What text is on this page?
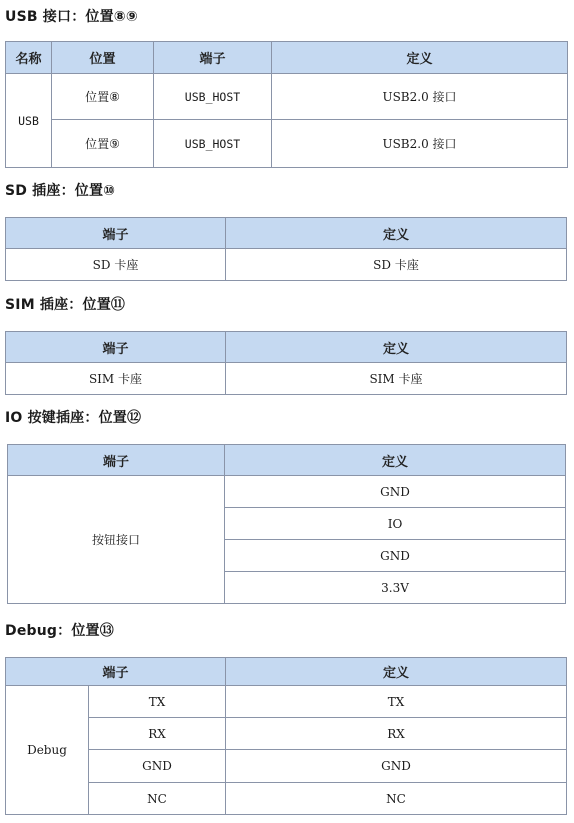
USB 接口：位置⑧⑨
名称	位置	端子	定义
USB	位置⑧	USB_HOST	USB2.0 接口
	位置⑨	USB_HOST	USB2.0 接口
SD 插座：位置⑩
端子	定义
SD 卡座	SD 卡座
SIM 插座：位置⑪
端子	定义
SIM 卡座	SIM 卡座
IO 按键插座：位置⑫
端子	定义
按钮接口	GND
	IO
	GND
	3.3V
Debug：位置⑬
端子		定义
Debug	TX	TX
	RX	RX
	GND	GND
	NC	NC
